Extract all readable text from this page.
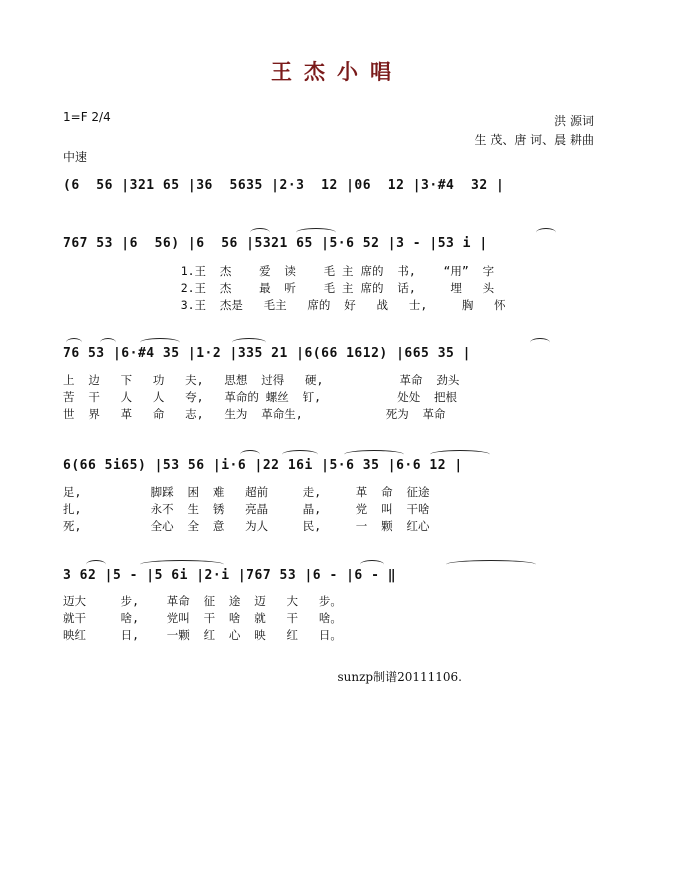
王杰小唱
1=F 2/4
中速
洪 源词
生 茂、唐 诃、晨 耕曲
(6  56 |321 65 |36  5635 |2·3  12 |06  12 |3·#4  32 |
767 53 |6  56) |6  56 |5321 65 |5·6 52 |3 - |53 i |
1.王  杰    爱  读    毛 主 席的  书,    “用”  字
2.王  杰    最  听    毛 主 席的  话,     埋   头
3.王  杰是   毛主   席的  好   战   士,     胸   怀
76 53 |6·#4 35 |1·2 |335 21 |6(66 1612) |665 35 |
上  边   下   功   夫,   思想  过得   硬,           革命  劲头
苦  干   人   人   夸,   革命的 螺丝  钉,           处处  把根
世  界   革   命   志,   生为  革命生,            死为  革命
6(66 5i65) |53 56 |i·6 |22 16i |5·6 35 |6·6 12 |
足,          脚踩  困  难   超前     走,     革  命  征途
扎,          永不  生  锈   亮晶     晶,     党  叫  干啥
死,          全心  全  意   为人     民,     一  颗  红心
3 62 |5 - |5 6i |2·i |767 53 |6 - |6 - ‖
迈大     步,    革命  征  途  迈   大   步。
就干     啥,    党叫  干  啥  就   干   啥。
映红     日,    一颗  红  心  映   红   日。
sunzp制谱20111106.
